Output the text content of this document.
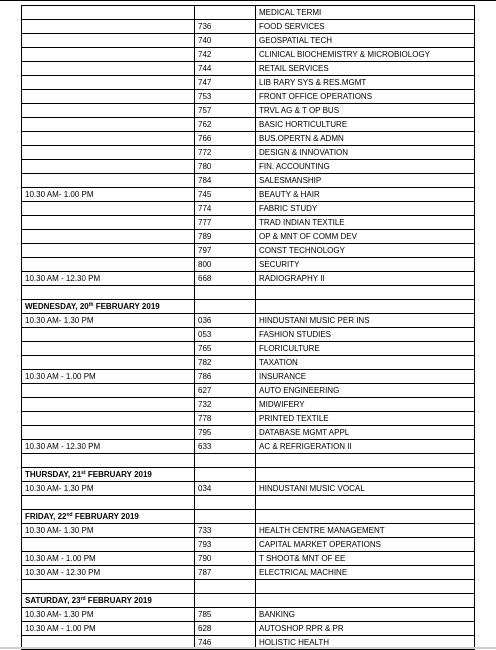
		MEDICAL TERMI
	736	FOOD SERVICES
	740	GEOSPATIAL TECH
	742	CLINICAL BIOCHEMISTRY & MICROBIOLOGY
	744	RETAIL SERVICES
	747	LIB RARY SYS & RES.MGMT
	753	FRONT OFFICE OPERATIONS
	757	TRVL AG & T OP BUS
	762	BASIC HORTICULTURE
	766	BUS.OPERTN & ADMN
	772	DESIGN & INNOVATION
	780	FIN. ACCOUNTING
	784	SALESMANSHIP
10.30 AM- 1.00 PM	745	BEAUTY & HAIR
	774	FABRIC STUDY
	777	TRAD INDIAN TEXTILE
	789	OP & MNT OF COMM DEV
	797	CONST TECHNOLOGY
	800	SECURITY
10.30 AM - 12.30 PM	668	RADIOGRAPHY II

WEDNESDAY, 20th FEBRUARY 2019		
10.30 AM- 1.30 PM	036	HINDUSTANI MUSIC PER INS
	053	FASHION STUDIES
	765	FLORICULTURE
	782	TAXATION
10.30 AM - 1.00 PM	786	INSURANCE
	627	AUTO ENGINEERING
	732	MIDWIFERY
	778	PRINTED TEXTILE
	795	DATABASE MGMT APPL
10.30 AM - 12.30 PM	633	AC & REFRIGERATION II

THURSDAY, 21st FEBRUARY 2019		
10.30 AM- 1.30 PM	034	HINDUSTANI MUSIC VOCAL

FRIDAY, 22nd FEBRUARY 2019		
10.30 AM- 1.30 PM	733	HEALTH CENTRE MANAGEMENT
	793	CAPITAL MARKET OPERATIONS
10.30 AM - 1.00 PM	790	T SHOOT& MNT OF EE
10.30 AM - 12.30 PM	787	ELECTRICAL MACHINE

SATURDAY, 23rd FEBRUARY 2019		
10.30 AM- 1.30 PM	785	BANKING
10.30 AM - 1.00 PM	628	AUTOSHOP RPR & PR
	746	HOLISTIC HEALTH
